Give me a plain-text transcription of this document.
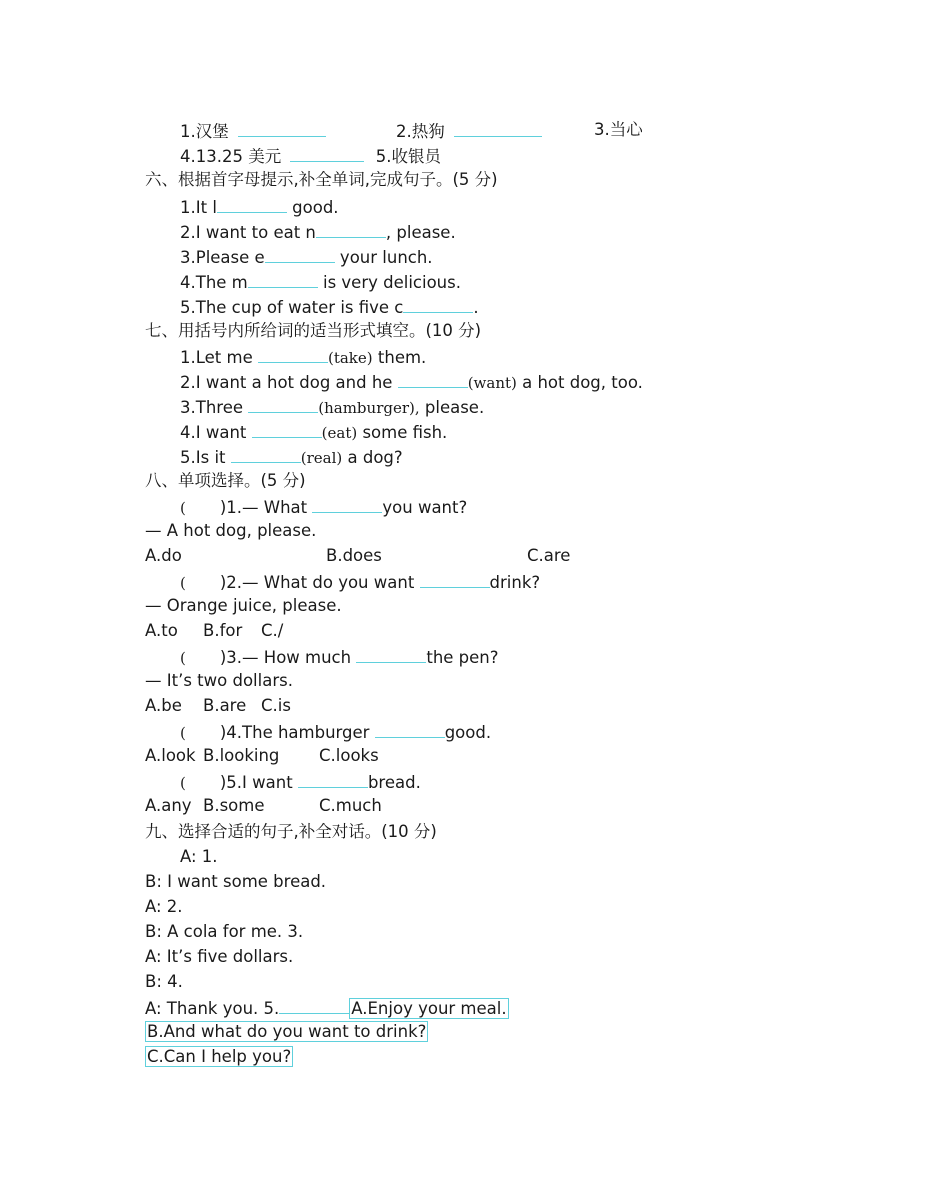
1.汉堡	2.热狗	3.当心
4.13.25 美元	5.收银员
六、根据首字母提示,补全单词,完成句子。(5 分)
1.It l	good.
2.I want to eat n	, please.
3.Please e	your lunch.
4.The m	is very delicious.
5.The cup of water is five c	.
七、用括号内所给词的适当形式填空。(10 分)
1.Let me	(take) them.
2.I want a hot dog and he	(want) a hot dog, too.
3.Three	(hamburger), please.
4.I want	(eat) some fish.
5.Is it	(real) a dog?
八、单项选择。(5 分)
( )1.— What	you want?
— A hot dog, please.
A.do	B.does	C.are
( )2.— What do you want	drink?
— Orange juice, please.
A.to B.for C./
( )3.— How much	the pen?
— It’s two dollars.
A.be B.are C.is
( )4.The hamburger	good.
A.look B.looking C.looks
( )5.I want	bread.
A.any B.some	C.much
九、选择合适的句子,补全对话。(10 分)
A: 1.
B: I want some bread.
A: 2.
B: A cola for me. 3.
A: It’s five dollars.
B: 4.
A: Thank you. 5.	A.Enjoy your meal.
B.And what do you want to drink?
C.Can I help you?
